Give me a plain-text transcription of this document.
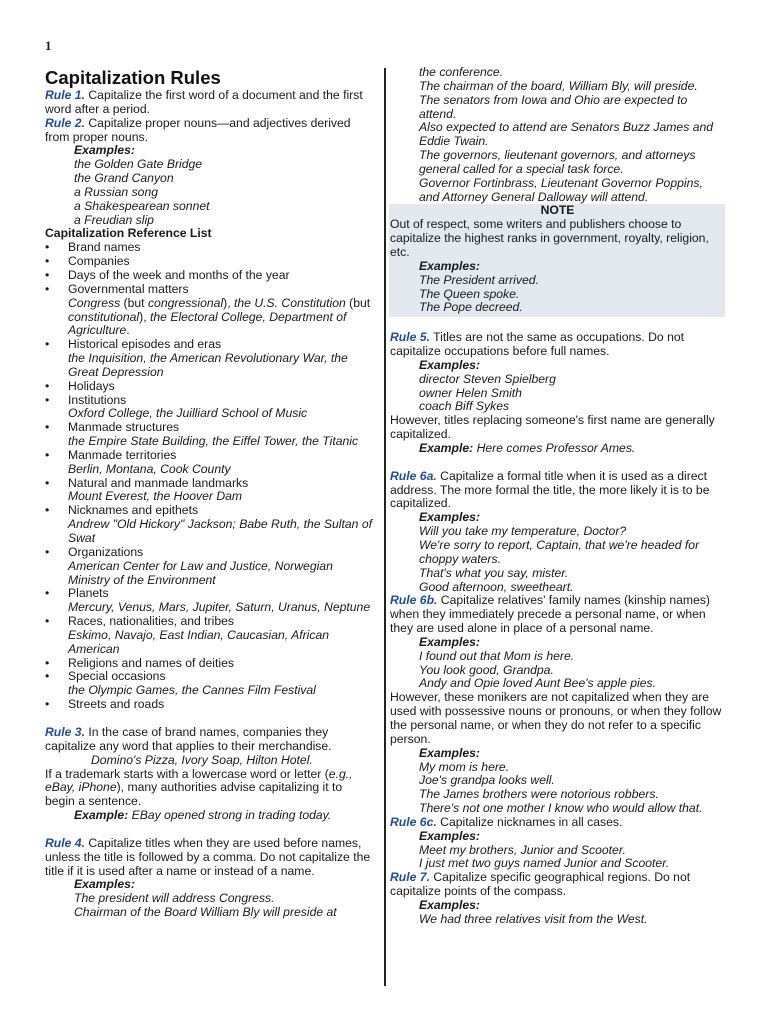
1
Capitalization Rules
Rule 1. Capitalize the first word of a document and the first word after a period.
Rule 2. Capitalize proper nouns—and adjectives derived from proper nouns.
Examples:
the Golden Gate Bridge
the Grand Canyon
a Russian song
a Shakespearean sonnet
a Freudian slip
Capitalization Reference List
• Brand names
• Companies
• Days of the week and months of the year
• Governmental matters
Congress (but congressional), the U.S. Constitution (but constitutional), the Electoral College, Department of Agriculture.
• Historical episodes and eras
the Inquisition, the American Revolutionary War, the Great Depression
• Holidays
• Institutions
Oxford College, the Juilliard School of Music
• Manmade structures
the Empire State Building, the Eiffel Tower, the Titanic
• Manmade territories
Berlin, Montana, Cook County
• Natural and manmade landmarks
Mount Everest, the Hoover Dam
• Nicknames and epithets
Andrew "Old Hickory" Jackson; Babe Ruth, the Sultan of Swat
• Organizations
American Center for Law and Justice, Norwegian Ministry of the Environment
• Planets
Mercury, Venus, Mars, Jupiter, Saturn, Uranus, Neptune
• Races, nationalities, and tribes
Eskimo, Navajo, East Indian, Caucasian, African American
• Religions and names of deities
• Special occasions
the Olympic Games, the Cannes Film Festival
• Streets and roads
Rule 3. In the case of brand names, companies they capitalize any word that applies to their merchandise.
Domino's Pizza, Ivory Soap, Hilton Hotel.
If a trademark starts with a lowercase word or letter (e.g., eBay, iPhone), many authorities advise capitalizing it to begin a sentence.
Example: EBay opened strong in trading today.
Rule 4. Capitalize titles when they are used before names, unless the title is followed by a comma. Do not capitalize the title if it is used after a name or instead of a name.
Examples:
The president will address Congress.
Chairman of the Board William Bly will preside at
the conference.
The chairman of the board, William Bly, will preside.
The senators from Iowa and Ohio are expected to attend.
Also expected to attend are Senators Buzz James and Eddie Twain.
The governors, lieutenant governors, and attorneys general called for a special task force.
Governor Fortinbrass, Lieutenant Governor Poppins, and Attorney General Dalloway will attend.
NOTE
Out of respect, some writers and publishers choose to capitalize the highest ranks in government, royalty, religion, etc.
Examples:
The President arrived.
The Queen spoke.
The Pope decreed.
Rule 5. Titles are not the same as occupations. Do not capitalize occupations before full names.
Examples:
director Steven Spielberg
owner Helen Smith
coach Biff Sykes
However, titles replacing someone's first name are generally capitalized.
Example: Here comes Professor Ames.
Rule 6a. Capitalize a formal title when it is used as a direct address. The more formal the title, the more likely it is to be capitalized.
Examples:
Will you take my temperature, Doctor?
We're sorry to report, Captain, that we're headed for choppy waters.
That's what you say, mister.
Good afternoon, sweetheart.
Rule 6b. Capitalize relatives' family names (kinship names) when they immediately precede a personal name, or when they are used alone in place of a personal name.
Examples:
I found out that Mom is here.
You look good, Grandpa.
Andy and Opie loved Aunt Bee's apple pies.
However, these monikers are not capitalized when they are used with possessive nouns or pronouns, or when they follow the personal name, or when they do not refer to a specific person.
Examples:
My mom is here.
Joe's grandpa looks well.
The James brothers were notorious robbers.
There's not one mother I know who would allow that.
Rule 6c. Capitalize nicknames in all cases.
Examples:
Meet my brothers, Junior and Scooter.
I just met two guys named Junior and Scooter.
Rule 7. Capitalize specific geographical regions. Do not capitalize points of the compass.
Examples:
We had three relatives visit from the West.
